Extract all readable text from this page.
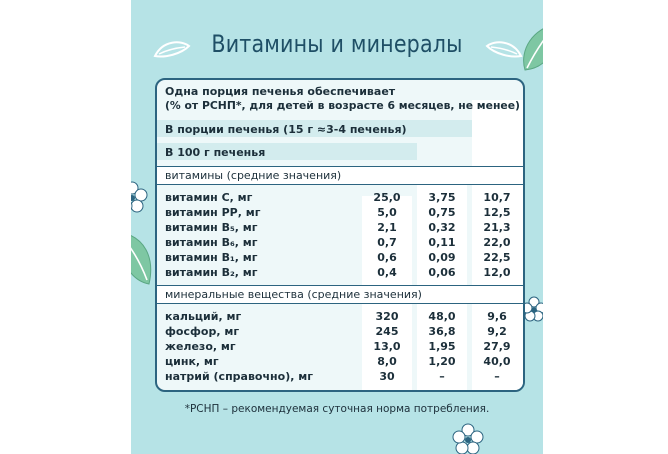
Витамины и минералы
Одна порция печенья обеспечивает
(% от РСНП*, для детей в возрасте 6 месяцев, не менее)
В порции печенья (15 г ≈3-4 печенья)
В 100 г печенья
витамины (средние значения)
витамин С, мг	25,0	3,75	10,7
витамин РР, мг	5,0	0,75	12,5
витамин B₅, мг	2,1	0,32	21,3
витамин B₆, мг	0,7	0,11	22,0
витамин B₁, мг	0,6	0,09	22,5
витамин B₂, мг	0,4	0,06	12,0
минеральные вещества (средние значения)
кальций, мг	320	48,0	9,6
фосфор, мг	245	36,8	9,2
железо, мг	13,0	1,95	27,9
цинк, мг	8,0	1,20	40,0
натрий (справочно), мг	30	–	–
*РСНП – рекомендуемая суточная норма потребления.
